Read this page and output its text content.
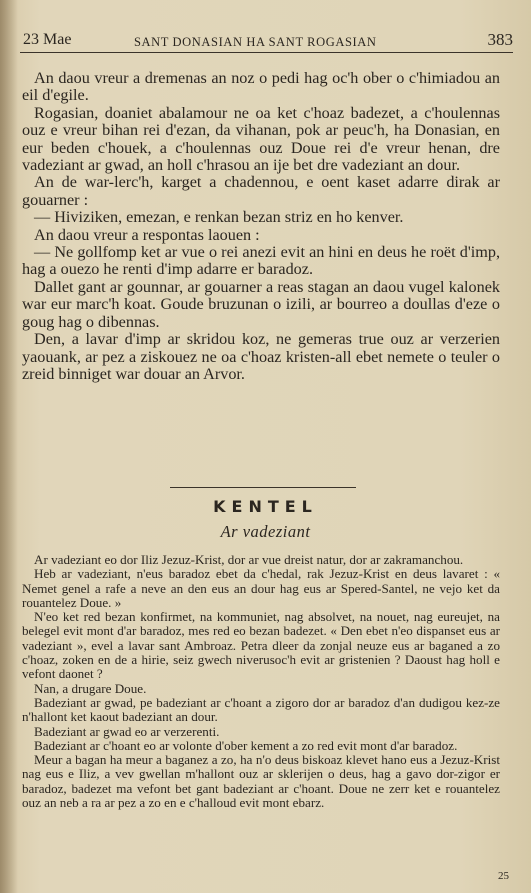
23 Mae	SANT DONASIAN HA SANT ROGASIAN	383

An daou vreur a dremenas an noz o pedi hag oc'h ober o c'himiadou an eil d'egile.

Rogasian, doaniet abalamour ne oa ket c'hoaz badezet, a c'houlennas ouz e vreur bihan rei d'ezan, da vihanan, pok ar peuc'h, ha Donasian, en eur beden c'houek, a c'houlennas ouz Doue rei d'e vreur henan, dre vadeziant ar gwad, an holl c'hrasou an ije bet dre vadeziant an dour.

An de war-lerc'h, karget a chadennou, e oent kaset adarre dirak ar gouarner :

— Hiviziken, emezan, e renkan bezan striz en ho kenver.

An daou vreur a respontas laouen :

— Ne gollfomp ket ar vue o rei anezi evit an hini en deus he roët d'imp, hag a ouezo he renti d'imp adarre er baradoz.

Dallet gant ar gounnar, ar gouarner a reas stagan an daou vugel kalonek war eur marc'h koat. Goude bruzunan o izili, ar bourreo a doullas d'eze o goug hag o dibennas.

Den, a lavar d'imp ar skridou koz, ne gemeras true ouz ar verzerien yaouank, ar pez a ziskouez ne oa c'hoaz kristen-all ebet nemete o teuler o zreid binniget war douar an Arvor.

KENTEL
Ar vadeziant

Ar vadeziant eo dor Iliz Jezuz-Krist, dor ar vue dreist natur, dor ar zakramanchou.

Heb ar vadeziant, n'eus baradoz ebet da c'hedal, rak Jezuz-Krist en deus lavaret : « Nemet genel a rafe a neve an den eus an dour hag eus ar Spered-Santel, ne vejo ket da rouantelez Doue. »

N'eo ket red bezan konfirmet, na kommuniet, nag absolvet, na nouet, nag eureujet, na belegel evit mont d'ar baradoz, mes red eo bezan badezet. « Den ebet n'eo dispanset eus ar vadeziant », evel a lavar sant Ambroaz. Petra dleer da zonjal neuze eus ar baganed a zo c'hoaz, zoken en de a hirie, seiz gwech niverusoc'h evit ar gristenien ? Daoust hag holl e vefont daonet ?

Nan, a drugare Doue.

Badeziant ar gwad, pe badeziant ar c'hoant a zigoro dor ar baradoz d'an dudigou kez-ze n'hallont ket kaout badeziant an dour.

Badeziant ar gwad eo ar verzerenti.

Badeziant ar c'hoant eo ar volonte d'ober kement a zo red evit mont d'ar baradoz.

Meur a bagan ha meur a baganez a zo, ha n'o deus biskoaz klevet hano eus a Jezuz-Krist nag eus e Iliz, a vev gwellan m'hallont ouz ar sklerijen o deus, hag a gavo dor-zigor er baradoz, badezet ma vefont bet gant badeziant ar c'hoant. Doue ne zerr ket e rouantelez ouz an neb a ra ar pez a zo en e c'halloud evit mont ebarz.

25
